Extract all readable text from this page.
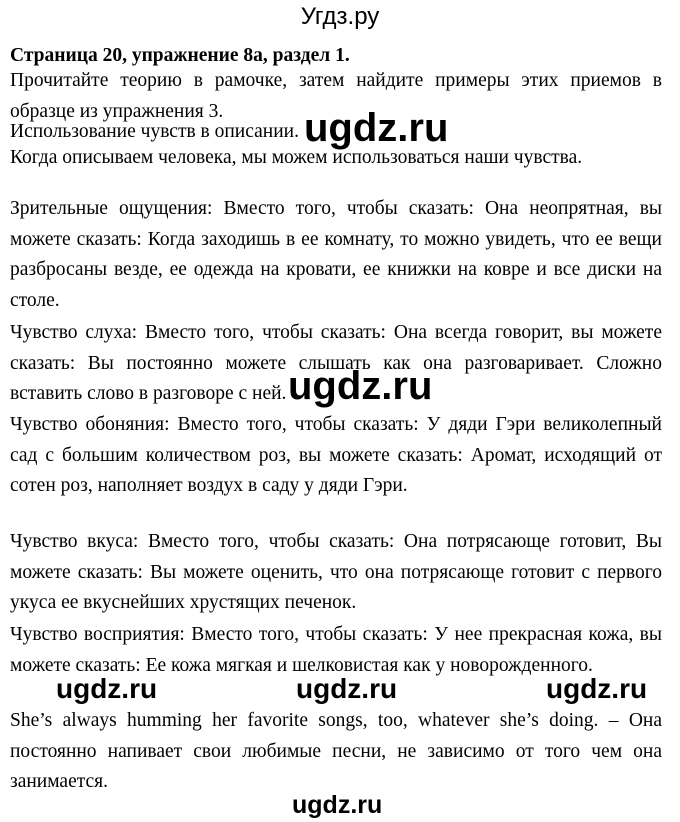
Угдз.ру
Страница 20, упражнение 8a, раздел 1.

Прочитайте теорию в рамочке, затем найдите примеры этих приемов в образце из упражнения 3.

Использование чувств в описании.
Когда описываем человека, мы можем использоваться наши чувства.

Зрительные ощущения: Вместо того, чтобы сказать: Она неопрятная, вы можете сказать: Когда заходишь в ее комнату, то можно увидеть, что ее вещи разбросаны везде, ее одежда на кровати, ее книжки на ковре и все диски на столе.

Чувство слуха: Вместо того, чтобы сказать: Она всегда говорит, вы можете сказать: Вы постоянно можете слышать как она разговаривает. Сложно вставить слово в разговоре с ней.

Чувство обоняния: Вместо того, чтобы сказать: У дяди Гэри великолепный сад с большим количеством роз, вы можете сказать: Аромат, исходящий от сотен роз, наполняет воздух в саду у дяди Гэри.

Чувство вкуса: Вместо того, чтобы сказать: Она потрясающе готовит, Вы можете сказать: Вы можете оценить, что она потрясающе готовит с первого укуса ее вкуснейших хрустящих печенок.

Чувство восприятия: Вместо того, чтобы сказать: У нее прекрасная кожа, вы можете сказать: Ее кожа мягкая и шелковистая как у новорожденного.

She’s always humming her favorite songs, too, whatever she’s doing. – Она постоянно напивает свои любимые песни, не зависимо от того чем она занимается.

ugdz.ru
ugdz.ru
ugdz.ru	ugdz.ru	ugdz.ru
ugdz.ru
